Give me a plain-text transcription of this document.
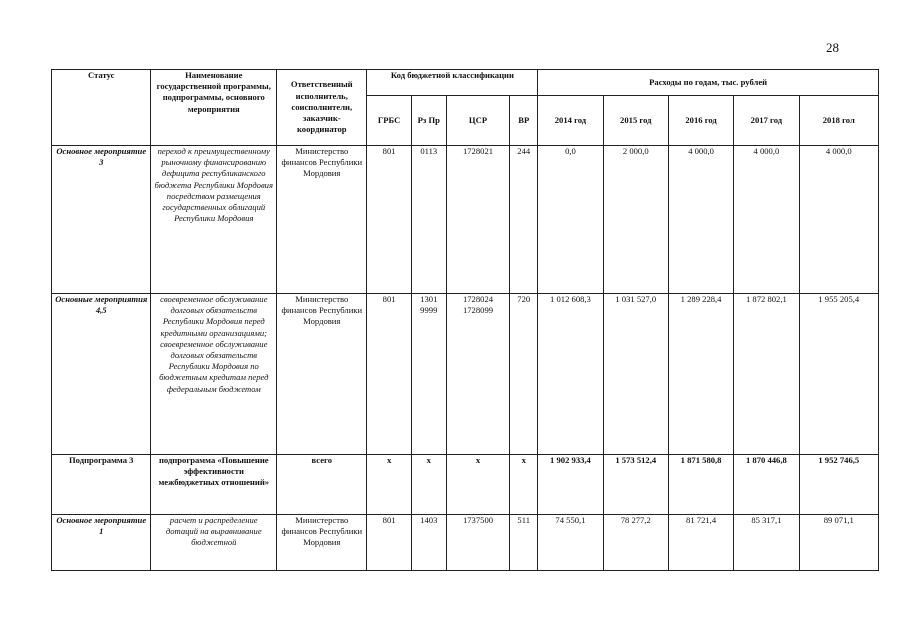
28
Статус	Наименование государственной программы, подпрограммы, основного мероприятия	Ответственный исполнитель, соисполнители, заказчик-координатор	Код бюджетной классификации				Расходы по годам, тыс. рублей				
			ГРБС	Рз Пр	ЦСР	ВР	2014 год	2015 год	2016 год	2017 год	2018 гол
Основное мероприятие 3	переход к преимущественному рыночному финансированию дефицита республиканского бюджета Республики Мордовия посредством размещения государственных облигаций Республики Мордовия	Министерство финансов Республики Мордовия	801	0113	1728021	244	0,0	2 000,0	4 000,0	4 000,0	4 000,0
Основные мероприятия 4,5	своевременное обслуживание долговых обязательств Республики Мордовия перед кредитными организациями; своевременное обслуживание долговых обязательств Республики Мордовия по бюджетным кредитам перед федеральным бюджетом	Министерство финансов Республики Мордовия	801	1301 9999	1728024 1728099	720	1 012 608,3	1 031 527,0	1 289 228,4	1 872 802,1	1 955 205,4
Подпрограмма 3	подпрограмма «Повышение эффективности межбюджетных отношений»	всего	x	x	x	x	1 902 933,4	1 573 512,4	1 871 580,8	1 870 446,8	1 952 746,5
Основное мероприятие 1	расчет и распределение дотаций на выравнивание бюджетной	Министерство финансов Республики Мордовия	801	1403	1737500	511	74 550,1	78 277,2	81 721,4	85 317,1	89 071,1
